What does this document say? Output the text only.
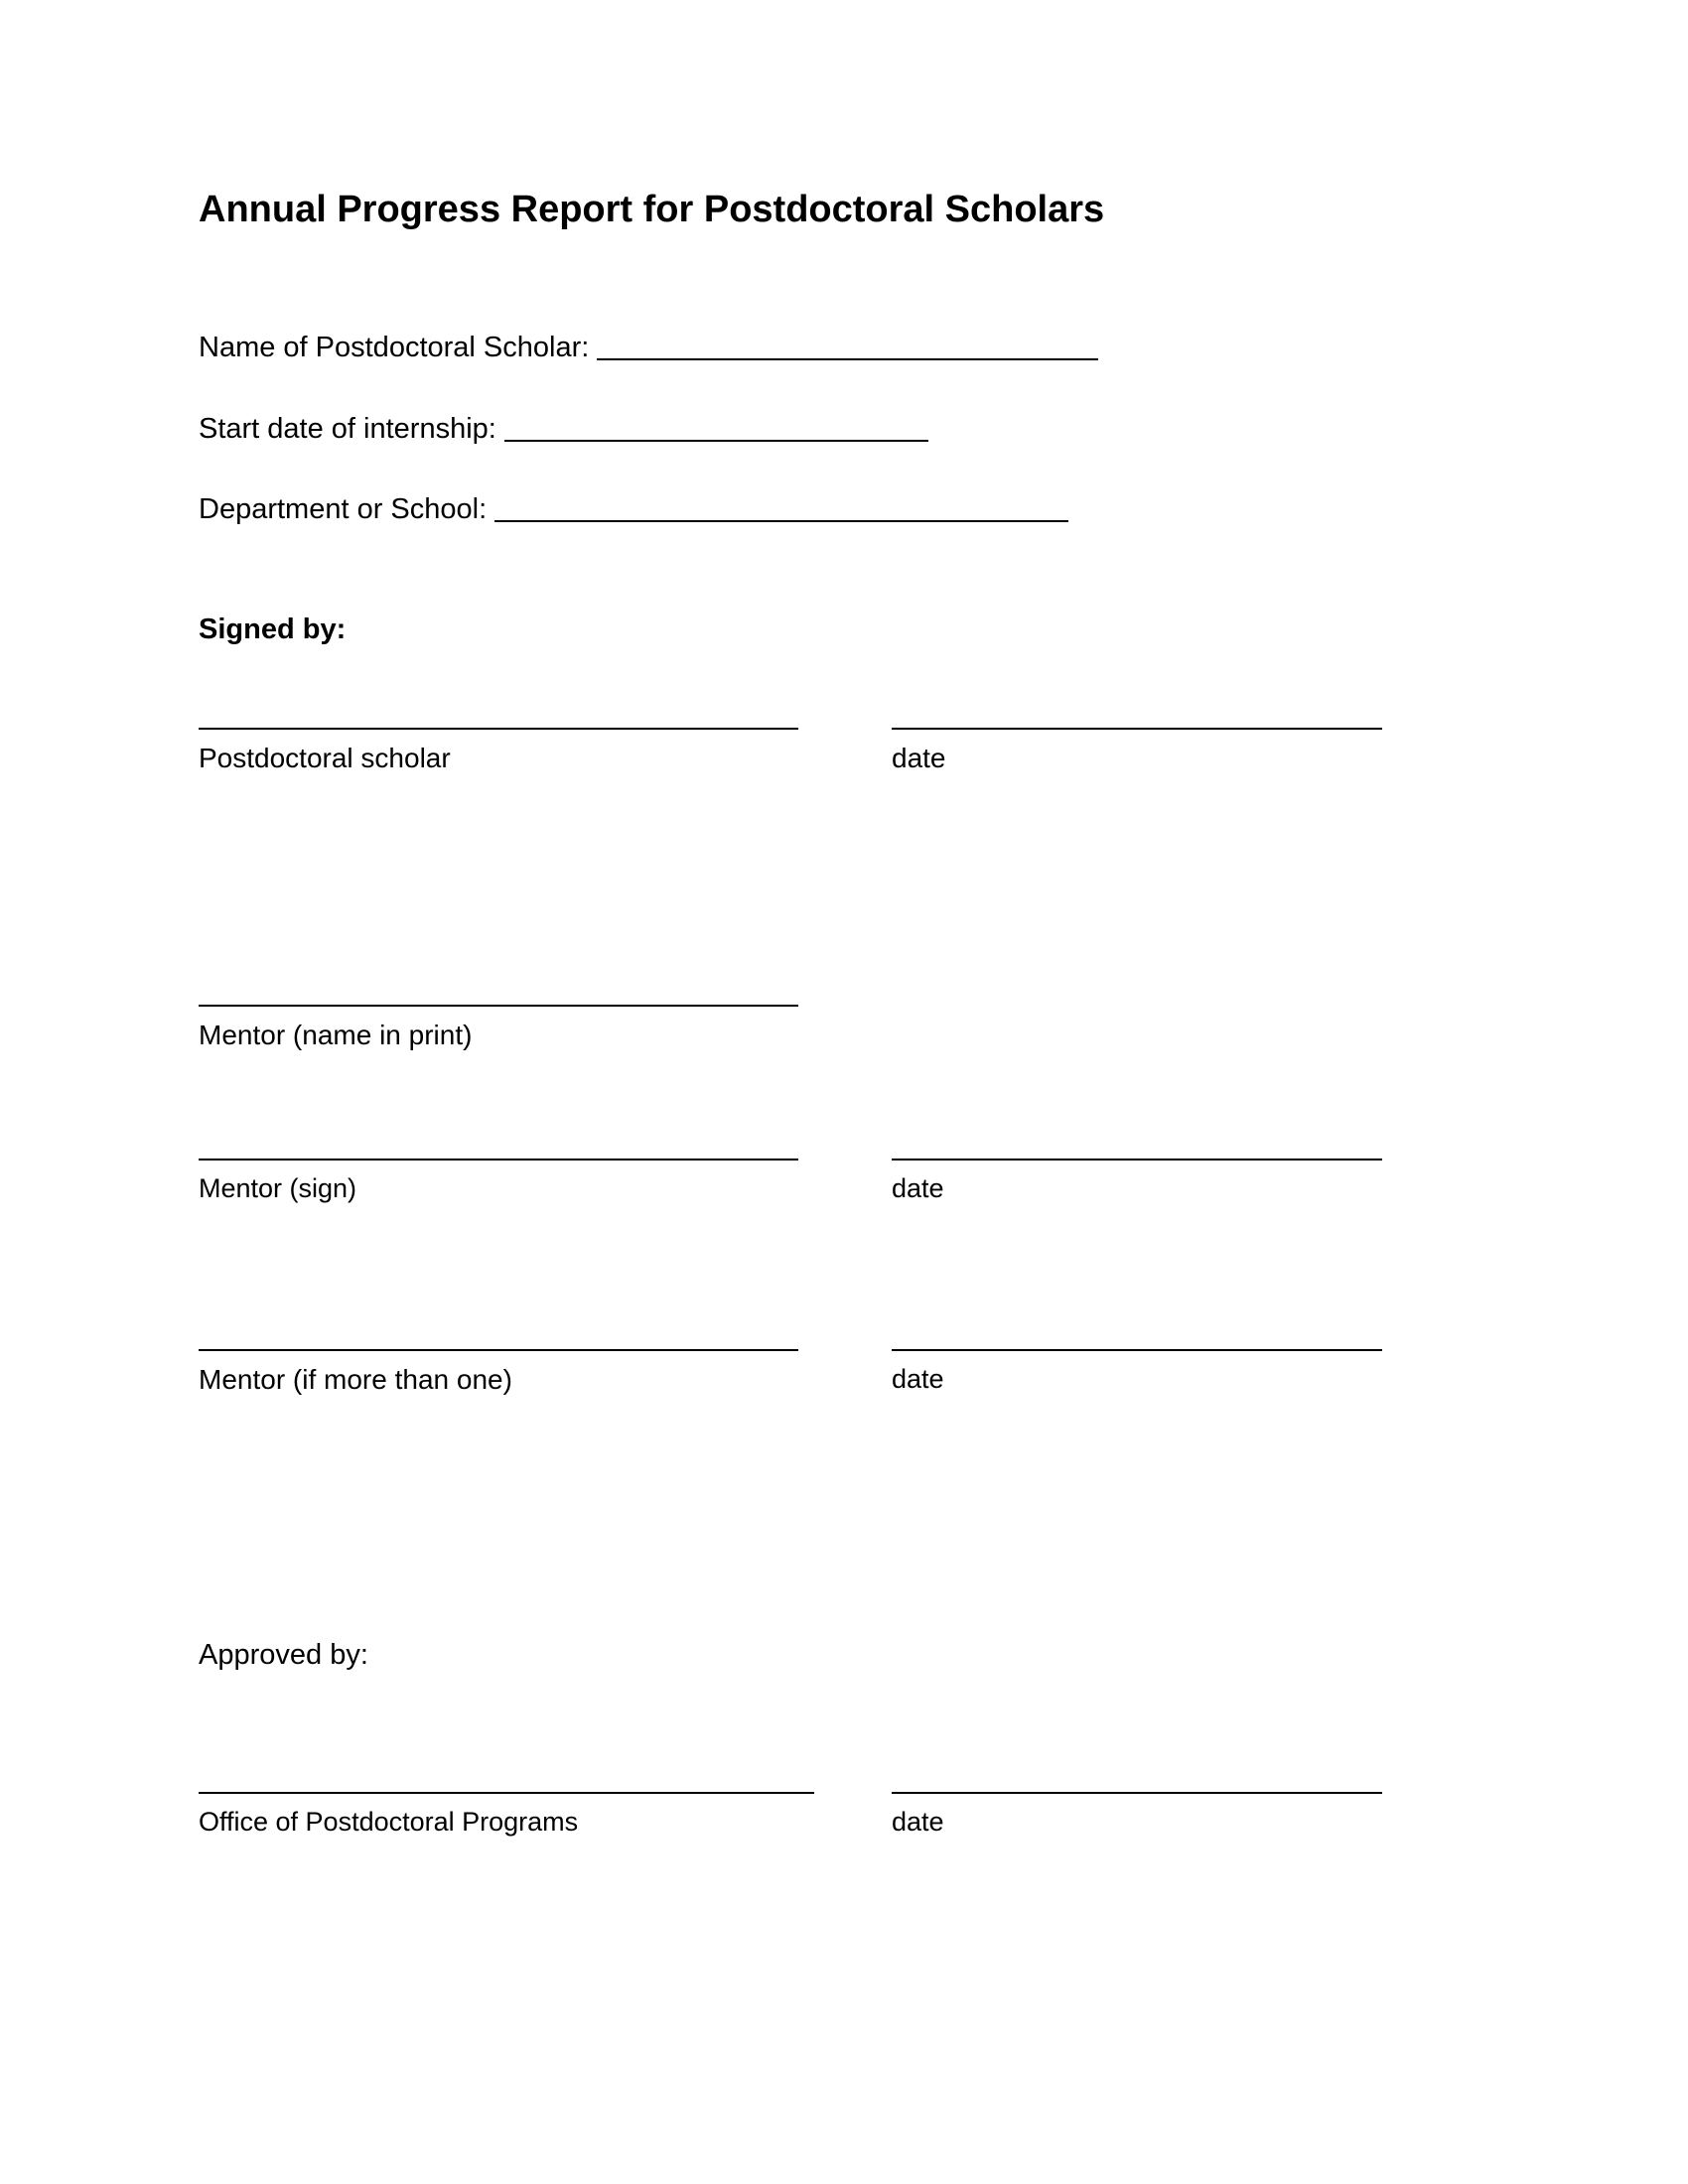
Annual Progress Report for Postdoctoral Scholars
Name of Postdoctoral Scholar:
Start date of internship:
Department or School:
Signed by:
Postdoctoral scholar	date
Mentor (name in print)
Mentor (sign)	date
Mentor (if more than one)	date
Approved by:
Office of Postdoctoral Programs	date
